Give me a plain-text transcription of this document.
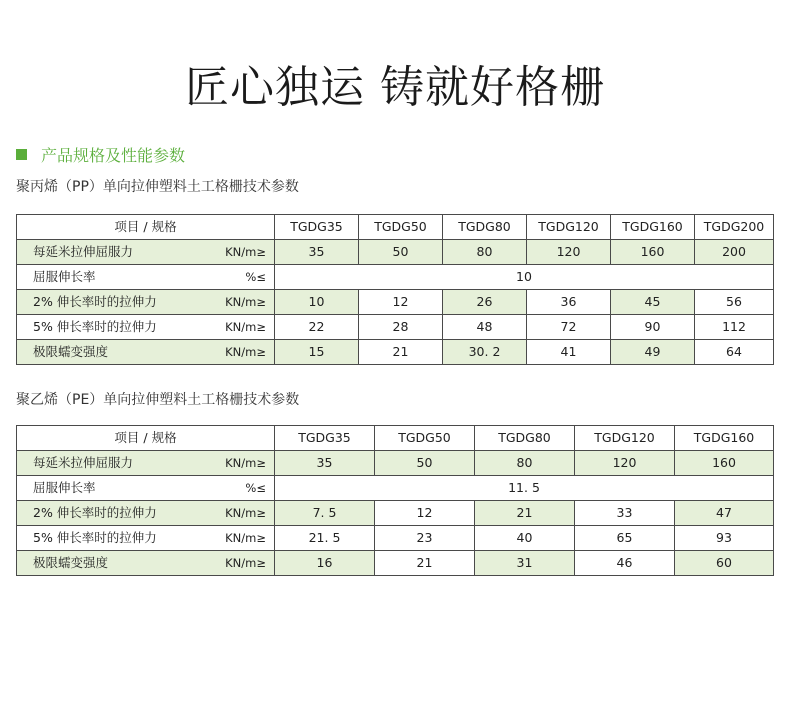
匠心独运 铸就好格栅
产品规格及性能参数
聚丙烯（PP）单向拉伸塑料土工格栅技术参数
项目 / 规格	TGDG35	TGDG50	TGDG80	TGDG120	TGDG160	TGDG200
每延米拉伸屈服力 KN/m≥	35	50	80	120	160	200
屈服伸长率 %≤	10					
2% 伸长率时的拉伸力 KN/m≥	10	12	26	36	45	56
5% 伸长率时的拉伸力 KN/m≥	22	28	48	72	90	112
极限蠕变强度 KN/m≥	15	21	30. 2	41	49	64
聚乙烯（PE）单向拉伸塑料土工格栅技术参数
项目 / 规格	TGDG35	TGDG50	TGDG80	TGDG120	TGDG160
每延米拉伸屈服力 KN/m≥	35	50	80	120	160
屈服伸长率 %≤	11. 5				
2% 伸长率时的拉伸力 KN/m≥	7. 5	12	21	33	47
5% 伸长率时的拉伸力 KN/m≥	21. 5	23	40	65	93
极限蠕变强度 KN/m≥	16	21	31	46	60
